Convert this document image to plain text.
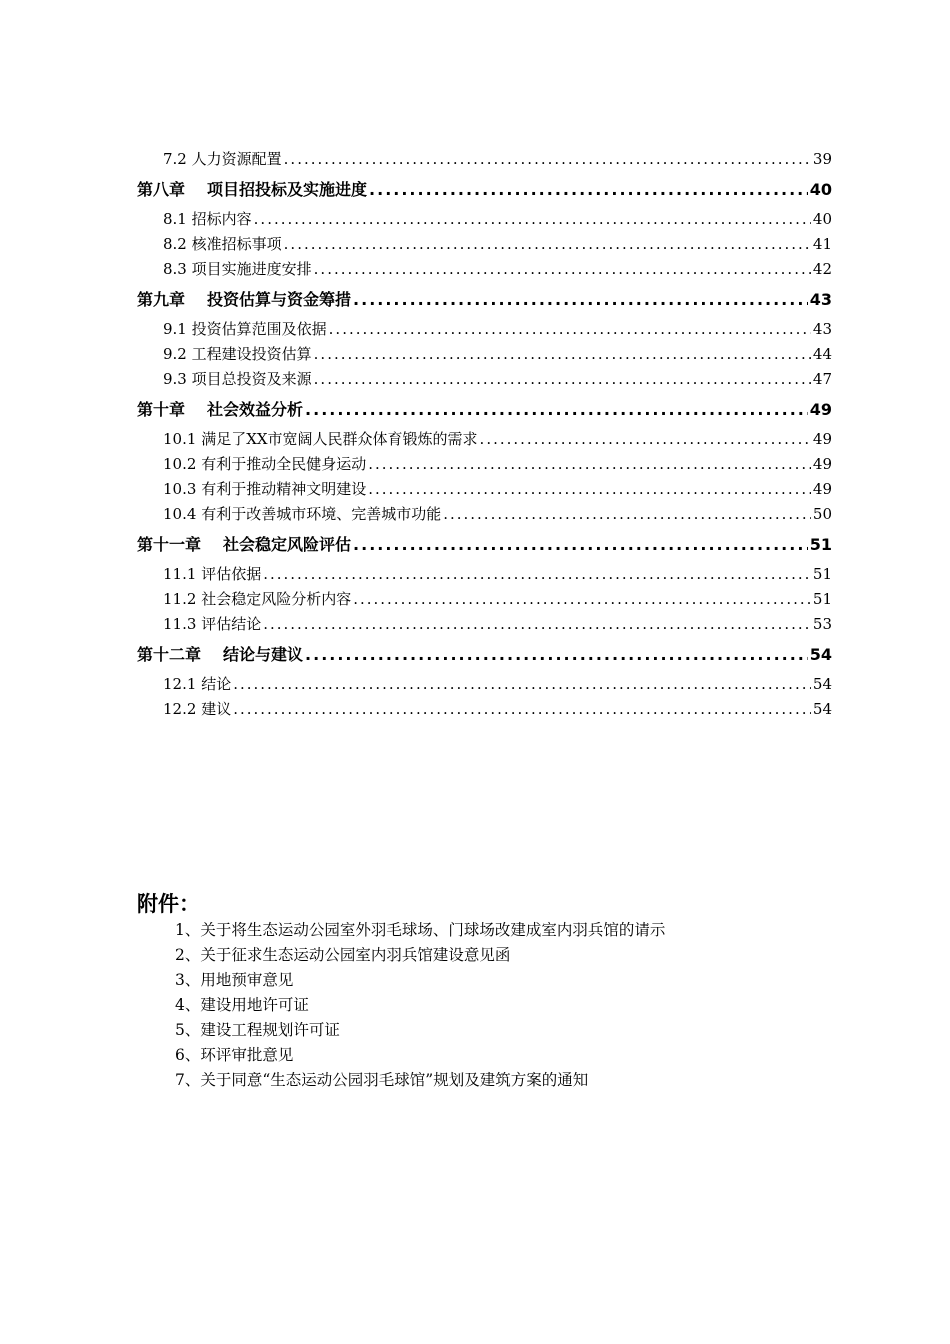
7.2 人力资源配置 .....	39
第八章 项目招投标及实施进度 .....	40
8.1 招标内容 .....	40
8.2 核准招标事项 .....	41
8.3 项目实施进度安排 .....	42
第九章 投资估算与资金筹措 .....	43
9.1 投资估算范围及依据 .....	43
9.2 工程建设投资估算 .....	44
9.3 项目总投资及来源 .....	47
第十章 社会效益分析 .....	49
10.1 满足了XX市宽阔人民群众体育锻炼的需求 .....	49
10.2 有利于推动全民健身运动 .....	49
10.3 有利于推动精神文明建设 .....	49
10.4 有利于改善城市环境、完善城市功能 .....	50
第十一章 社会稳定风险评估 .....	51
11.1 评估依据 .....	51
11.2 社会稳定风险分析内容 .....	51
11.3 评估结论 .....	53
第十二章 结论与建议 .....	54
12.1 结论 .....	54
12.2 建议 .....	54
附件：
1、关于将生态运动公园室外羽毛球场、门球场改建成室内羽兵馆的请示
2、关于征求生态运动公园室内羽兵馆建设意见函
3、用地预审意见
4、建设用地许可证
5、建设工程规划许可证
6、环评审批意见
7、关于同意“生态运动公园羽毛球馆”规划及建筑方案的通知
